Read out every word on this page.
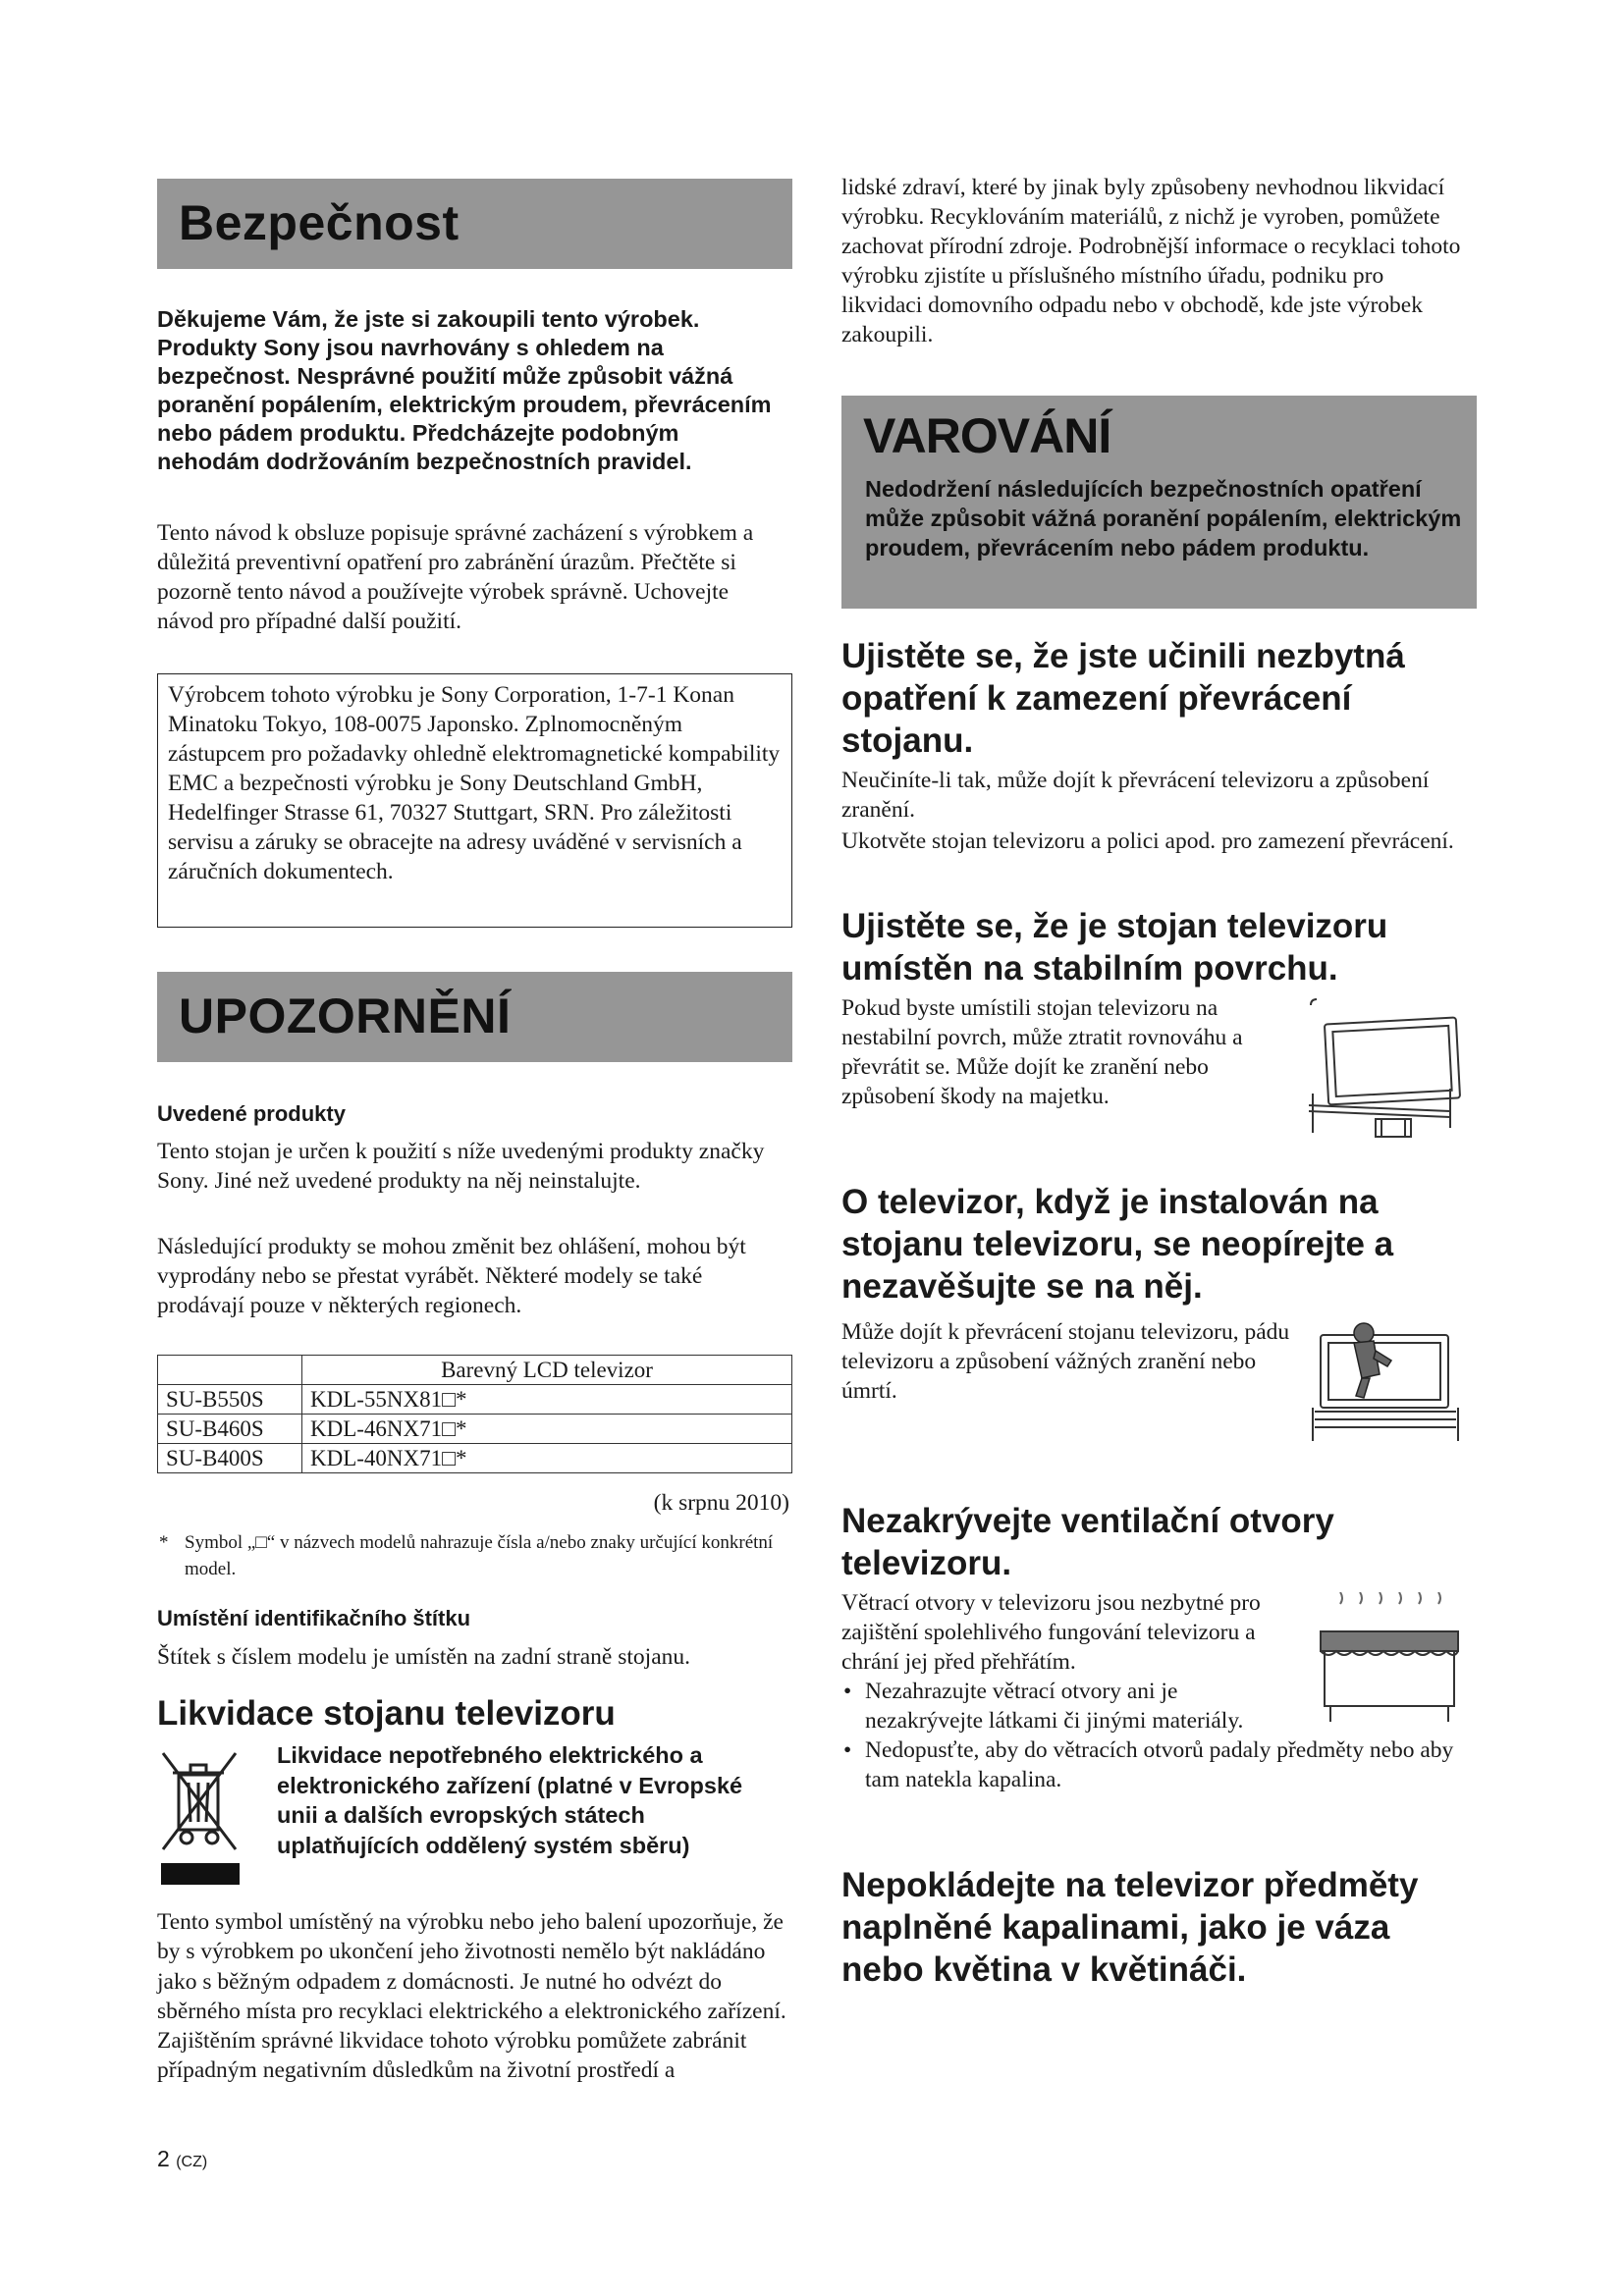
Bezpečnost

Děkujeme Vám, že jste si zakoupili tento výrobek. Produkty Sony jsou navrhovány s ohledem na bezpečnost. Nesprávné použití může způsobit vážná poranění popálením, elektrickým proudem, převrácením nebo pádem produktu. Předcházejte podobným nehodám dodržováním bezpečnostních pravidel.

Tento návod k obsluze popisuje správné zacházení s výrobkem a důležitá preventivní opatření pro zabránění úrazům. Přečtěte si pozorně tento návod a používejte výrobek správně. Uchovejte návod pro případné další použití.

Výrobcem tohoto výrobku je Sony Corporation, 1-7-1 Konan Minatoku Tokyo, 108-0075 Japonsko. Zplnomocněným zástupcem pro požadavky ohledně elektromagnetické kompability EMC a bezpečnosti výrobku je Sony Deutschland GmbH, Hedelfinger Strasse 61, 70327 Stuttgart, SRN. Pro záležitosti servisu a záruky se obracejte na adresy uváděné v servisních a záručních dokumentech.
UPOZORNĚNÍ

Uvedené produkty

Tento stojan je určen k použití s níže uvedenými produkty značky Sony. Jiné než uvedené produkty na něj neinstalujte.

Následující produkty se mohou změnit bez ohlášení, mohou být vyprodány nebo se přestat vyrábět. Některé modely se také prodávají pouze v některých regionech.

	Barevný LCD televizor
SU-B550S	KDL-55NX81□*
SU-B460S	KDL-46NX71□*
SU-B400S	KDL-40NX71□*

(k srpnu 2010)

* Symbol „□“ v názvech modelů nahrazuje čísla a/nebo znaky určující konkrétní model.

Umístění identifikačního štítku

Štítek s číslem modelu je umístěn na zadní straně stojanu.

Likvidace stojanu televizoru

Likvidace nepotřebného elektrického a elektronického zařízení (platné v Evropské unii a dalších evropských státech uplatňujících oddělený systém sběru)

Tento symbol umístěný na výrobku nebo jeho balení upozorňuje, že by s výrobkem po ukončení jeho životnosti nemělo být nakládáno jako s běžným odpadem z domácnosti. Je nutné ho odvézt do sběrného místa pro recyklaci elektrického a elektronického zařízení. Zajištěním správné likvidace tohoto výrobku pomůžete zabránit případným negativním důsledkům na životní prostředí a

2 (CZ)

lidské zdraví, které by jinak byly způsobeny nevhodnou likvidací výrobku. Recyklováním materiálů, z nichž je vyroben, pomůžete zachovat přírodní zdroje. Podrobnější informace o recyklaci tohoto výrobku zjistíte u příslušného místního úřadu, podniku pro likvidaci domovního odpadu nebo v obchodě, kde jste výrobek zakoupili.

VAROVÁNÍ

Nedodržení následujících bezpečnostních opatření může způsobit vážná poranění popálením, elektrickým proudem, převrácením nebo pádem produktu.

Ujistěte se, že jste učinili nezbytná opatření k zamezení převrácení stojanu.

Neučiníte-li tak, může dojít k převrácení televizoru a způsobení zranění.

Ukotvěte stojan televizoru a polici apod. pro zamezení převrácení.

Ujistěte se, že je stojan televizoru umístěn na stabilním povrchu.

Pokud byste umístili stojan televizoru na nestabilní povrch, může ztratit rovnováhu a převrátit se. Může dojít ke zranění nebo způsobení škody na majetku.

O televizor, když je instalován na stojanu televizoru, se neopírejte a nezavěšujte se na něj.

Může dojít k převrácení stojanu televizoru, pádu televizoru a způsobení vážných zranění nebo úmrtí.

Nezakrývejte ventilační otvory televizoru.

Větrací otvory v televizoru jsou nezbytné pro zajištění spolehlivého fungování televizoru a chrání jej před přehřátím.

• Nezahrazujte větrací otvory ani je nezakrývejte látkami či jinými materiály.
• Nedopusťte, aby do větracích otvorů padaly předměty nebo aby tam natekla kapalina.

Nepokládejte na televizor předměty naplněné kapalinami, jako je váza nebo květina v květináči.
